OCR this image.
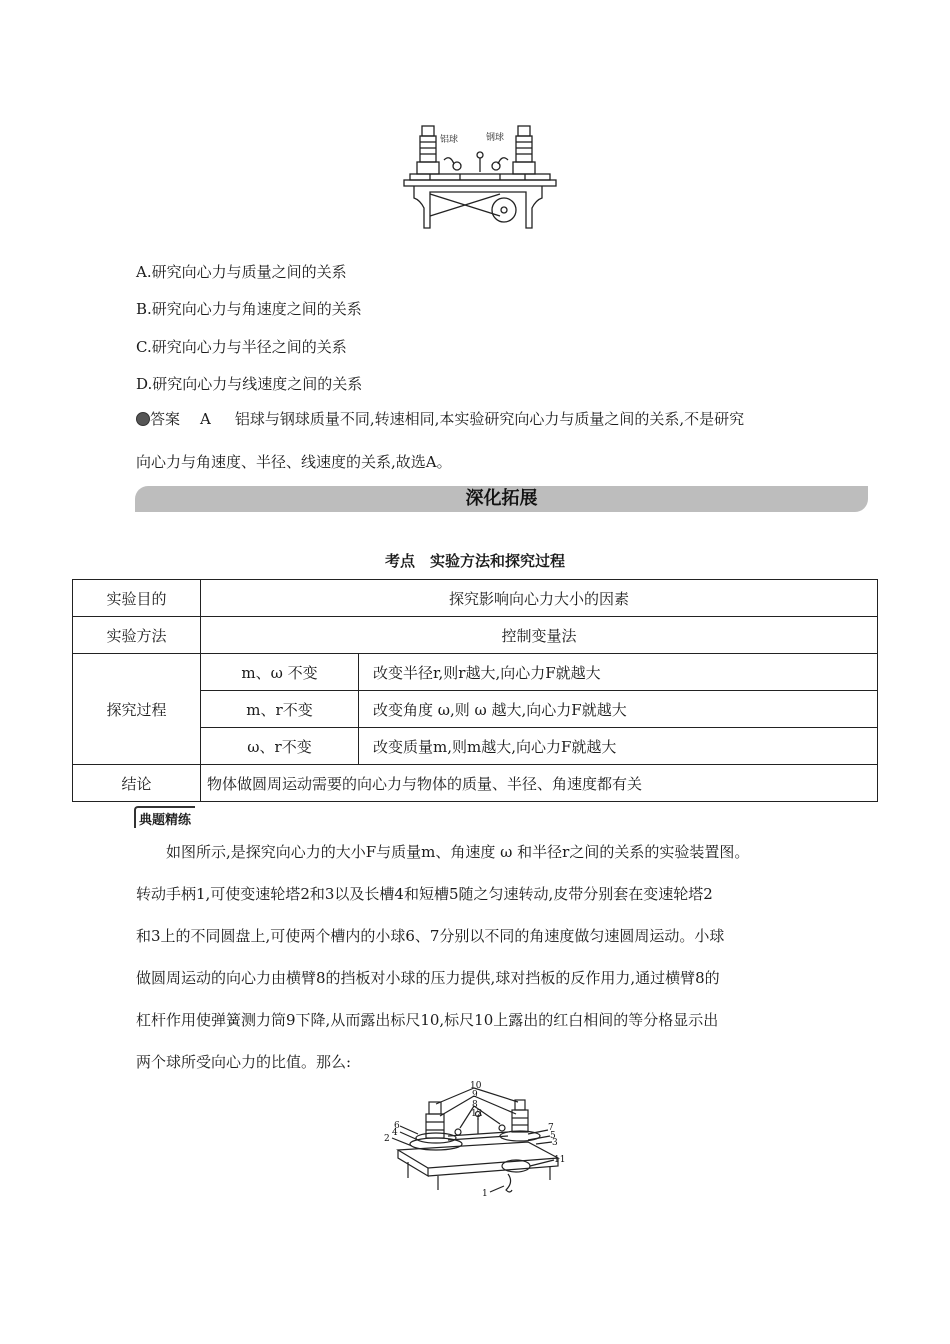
铝球	钢球
A.研究向心力与质量之间的关系
B.研究向心力与角速度之间的关系
C.研究向心力与半径之间的关系
D.研究向心力与线速度之间的关系
答案 A 铝球与钢球质量不同,转速相同,本实验研究向心力与质量之间的关系,不是研究
向心力与角速度、半径、线速度的关系,故选A。
深化拓展
考点　实验方法和探究过程
实验目的	探究影响向心力大小的因素	
实验方法	控制变量法	
探究过程	m、ω 不变	改变半径r,则r越大,向心力F就越大
	m、r不变	改变角度 ω,则 ω 越大,向心力F就越大
	ω、r不变	改变质量m,则m越大,向心力F就越大
结论	物体做圆周运动需要的向心力与物体的质量、半径、角速度都有关	
典题精练
　　如图所示,是探究向心力的大小F与质量m、角速度 ω 和半径r之间的关系的实验装置图。
转动手柄1,可使变速轮塔2和3以及长槽4和短槽5随之匀速转动,皮带分别套在变速轮塔2
和3上的不同圆盘上,可使两个槽内的小球6、7分别以不同的角速度做匀速圆周运动。小球
做圆周运动的向心力由横臂8的挡板对小球的压力提供,球对挡板的反作用力,通过横臂8的
杠杆作用使弹簧测力筒9下降,从而露出标尺10,标尺10上露出的红白相间的等分格显示出
两个球所受向心力的比值。那么:
10
9
8
12
6
4
2
7
5
3
11
1
